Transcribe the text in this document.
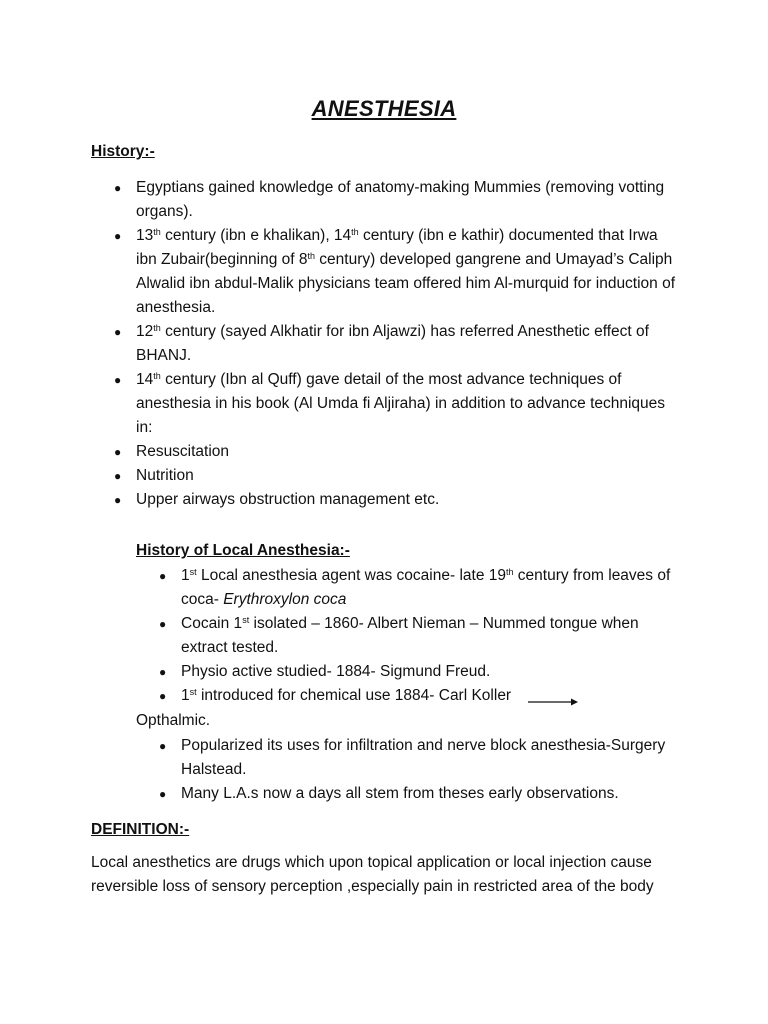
ANESTHESIA
History:-
● Egyptians gained knowledge of anatomy-making Mummies (removing votting organs).
● 13th century (ibn e khalikan), 14th century (ibn e kathir) documented that Irwa ibn Zubair(beginning of 8th century) developed gangrene and Umayad’s Caliph Alwalid ibn abdul-Malik physicians team offered him Al-murquid for induction of anesthesia.
● 12th century (sayed Alkhatir for ibn Aljawzi) has referred Anesthetic effect of BHANJ.
● 14th century (Ibn al Quff) gave detail of the most advance techniques of anesthesia in his book (Al Umda fi Aljiraha) in addition to advance techniques in:
● Resuscitation
● Nutrition
● Upper airways obstruction management etc.
History of Local Anesthesia:-
● 1st Local anesthesia agent was cocaine- late 19th century from leaves of coca- Erythroxylon coca
● Cocain 1st isolated – 1860- Albert Nieman – Nummed tongue when extract tested.
● Physio active studied- 1884- Sigmund Freud.
● 1st introduced for chemical use 1884- Carl Koller
Opthalmic.
● Popularized its uses for infiltration and nerve block anesthesia-Surgery Halstead.
● Many L.A.s now a days all stem from theses early observations.
DEFINITION:-
Local anesthetics are drugs which upon topical application or local injection cause reversible loss of sensory perception ,especially pain in restricted area of the body
